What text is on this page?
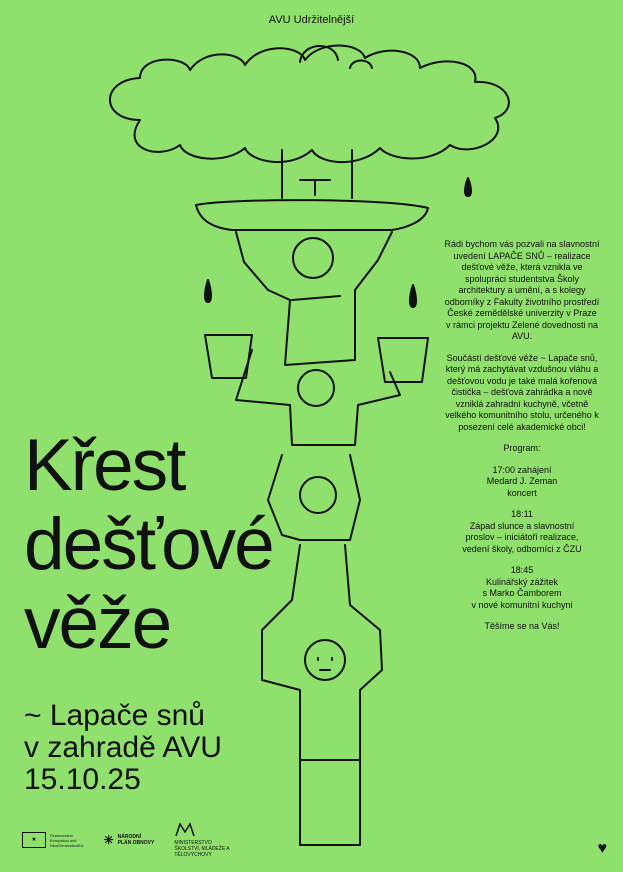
AVU Udržitelnější
Křest
dešťové
věže
~ Lapače snů
v zahradě AVU
15.10.25

Rádi bychom vás pozvali na slavnostní uvedení LAPAČE SNŮ – realizace dešťové věže, která vznikla ve spolupráci studentstva Školy architektury a umění, a s kolegy odborníky z Fakulty životního prostředí České zemědělské univerzity v Praze v rámci projektu Zelené dovednosti na AVU.

Součástí dešťové věže ~ Lapače snů, který má zachytávat vzdušnou vláhu a dešťovou vodu je také malá kořenová čistička – dešťová zahrádka a nově vzniklá zahradní kuchyně, včetně velkého komunitního stolu, určeného k posezení celé akademické obci!

Program:

17:00 zahájení
Medard J. Zeman
koncert

18:11
Západ slunce a slavnostní
proslov – iniciátoři realizace,
vedení školy, odborníci z ČZU

18:45
Kulinářský zážitek
s Marko Čamborem
v nové komunitní kuchyni

Těšíme se na Vás!

★
Financováno
Evropskou unií
NextGenerationEU ✳ NÁRODNÍ
PLÁN OBNOVY	MINISTERSTVO ŠKOLSTVÍ, MLÁDEŽE A TĚLOVÝCHOVY	♥
